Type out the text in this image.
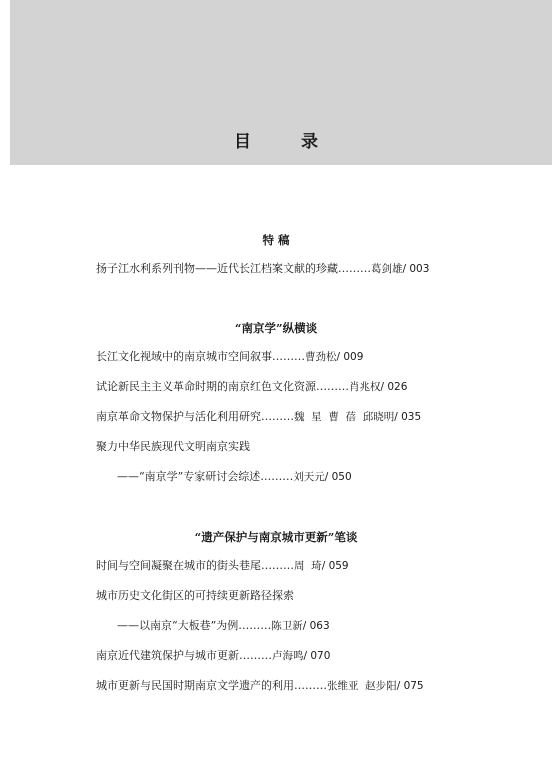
目 录
特 稿
扬子江水利系列刊物——近代长江档案文献的珍藏………葛剑雄/ 003
“南京学”纵横谈
长江文化视域中的南京城市空间叙事………曹劲松/ 009
试论新民主主义革命时期的南京红色文化资源………肖兆权/ 026
南京革命文物保护与活化利用研究………魏  星  曹  蓓  邱晓明/ 035
聚力中华民族现代文明南京实践
——“南京学”专家研讨会综述………刘天元/ 050
“遗产保护与南京城市更新”笔谈
时间与空间凝聚在城市的街头巷尾………周  琦/ 059
城市历史文化街区的可持续更新路径探索
——以南京“大板巷”为例………陈卫新/ 063
南京近代建筑保护与城市更新………卢海鸣/ 070
城市更新与民国时期南京文学遗产的利用………张维亚  赵步阳/ 075
